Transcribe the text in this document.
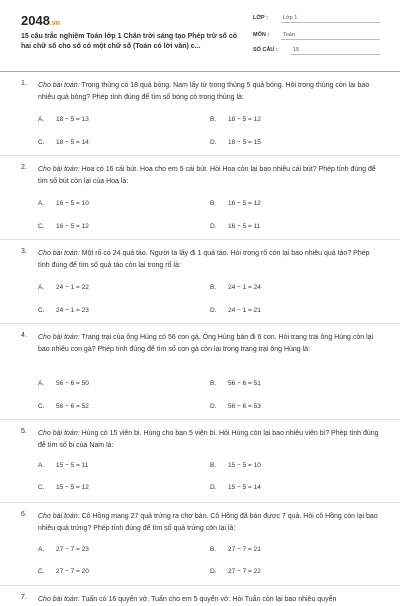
2048.vn
15 câu trắc nghiệm Toán lớp 1 Chân trời sáng tạo Phép trừ số có hai chữ số cho số có một chữ số (Toán có lời văn) c...
LỚP :	Lớp 1
MÔN :	Toán
SỐ CÂU :	15
1. Cho bài toán: Trong thùng có 18 quả bóng. Nam lấy từ trong thùng 5 quả bóng. Hỏi trong thùng còn lại bao nhiêu quả bóng? Phép tính đúng để tìm số bóng có trong thùng là:
A. 18 − 5 = 13	B. 18 − 5 = 12
C. 18 − 5 = 14	D. 18 − 5 = 15
2. Cho bài toán: Hoa có 16 cái bút. Hoa cho em 5 cái bút. Hỏi Hoa còn lại bao nhiêu cái bút? Phép tính đúng để tìm số bút còn lại của Hoa là:
A. 16 − 5 = 10	B. 16 − 5 = 12
C. 16 − 5 = 12	D. 16 − 5 = 11
3. Cho bài toán: Một rổ có 24 quả táo. Người ta lấy đi 1 quả táo. Hỏi trong rổ còn lại bao nhiêu quả táo? Phép tính đúng để tìm số quả táo còn lại trong rổ là:
A. 24 − 1 = 22	B. 24 − 1 = 24
C. 24 − 1 = 23	D. 24 − 1 = 21
4. Cho bài toán: Trang trại của ông Hùng có 56 con gà. Ông Hùng bán đi 6 con. Hỏi trang trại ông Hùng còn lại bao nhiêu con gà? Phép tính đúng để tìm số con gà còn lại trong trang trại ông Hùng là:
A. 56 − 6 = 50	B. 56 − 6 = 51
C. 56 − 6 = 52	D. 56 − 6 = 53
5. Cho bài toán: Hùng có 15 viên bi. Hùng cho bạn 5 viên bi. Hỏi Hùng còn lại bao nhiêu viên bi? Phép tính đúng để tìm số bi của Nam là:
A. 15 − 5 = 11	B. 15 − 5 = 10
C. 15 − 5 = 12	D. 15 − 5 = 14
6. Cho bài toán: Cô Hồng mang 27 quả trứng ra chợ bán. Cô Hồng đã bán được 7 quả. Hỏi cô Hồng còn lại bao nhiêu quả trứng? Phép tính đúng để tìm số quả trứng còn lại là:
A. 27 − 7 = 23	B. 27 − 7 = 21
C. 27 − 7 = 20	D. 27 − 7 = 22
7. Cho bài toán: Tuấn có 16 quyển vở. Tuấn cho em 5 quyển vở. Hỏi Tuấn còn lại bao nhiêu quyển
